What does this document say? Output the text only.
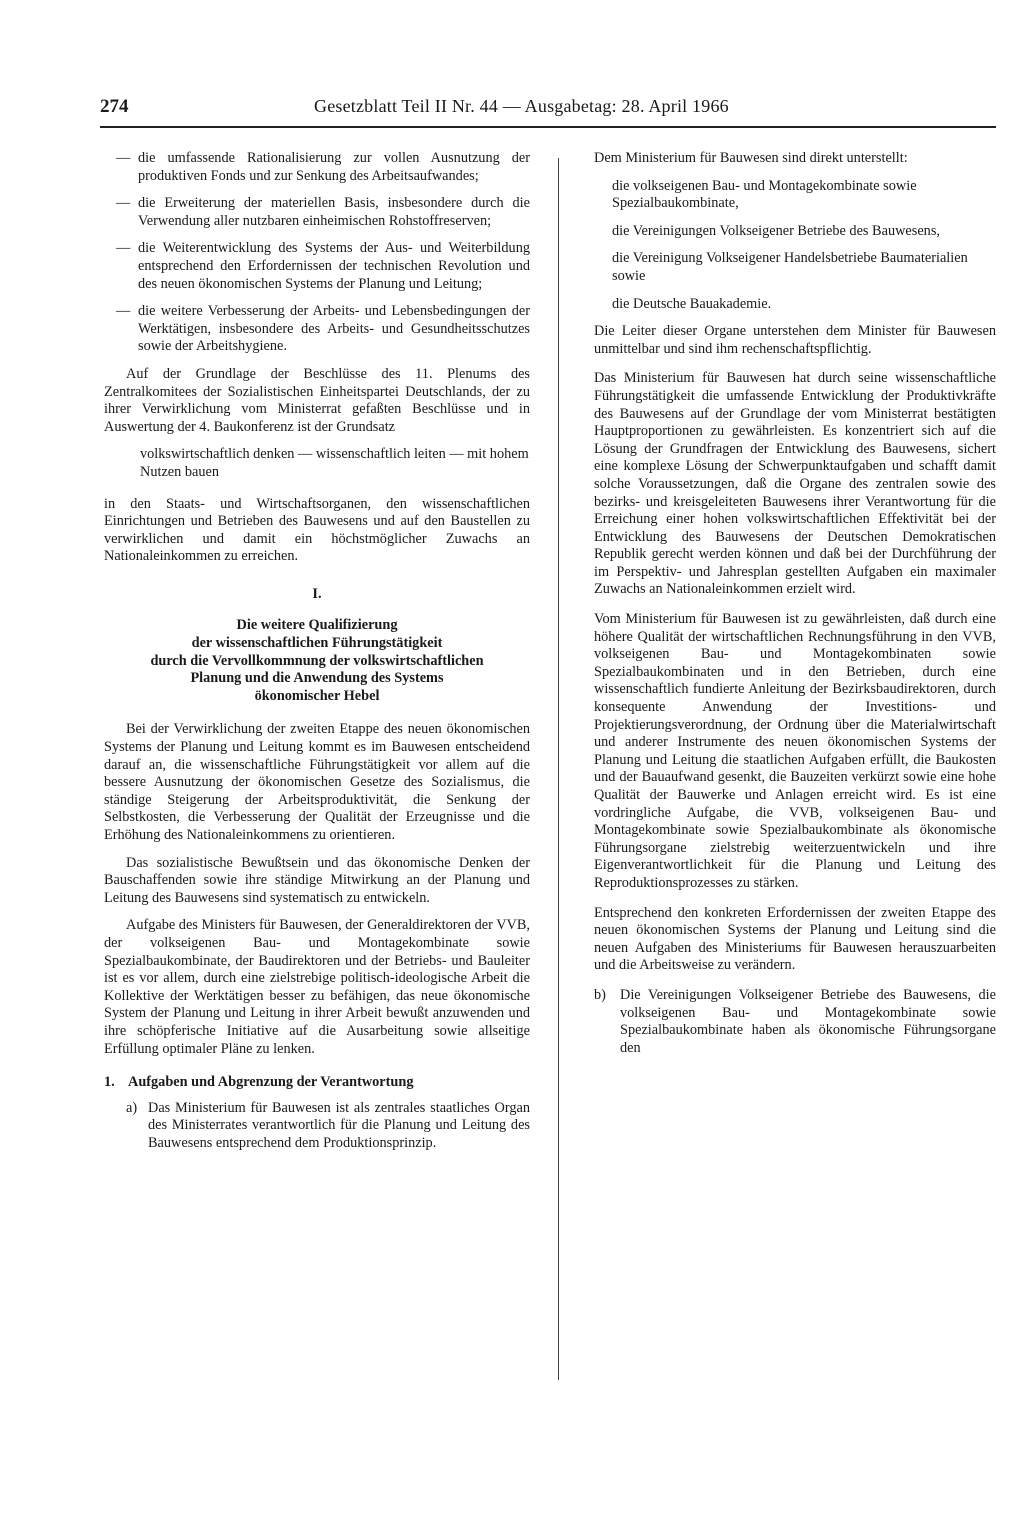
274	Gesetzblatt Teil II Nr. 44 — Ausgabetag: 28. April 1966
— die umfassende Rationalisierung zur vollen Ausnutzung der produktiven Fonds und zur Senkung des Arbeitsaufwandes;

— die Erweiterung der materiellen Basis, insbesondere durch die Verwendung aller nutzbaren einheimischen Rohstoffreserven;

— die Weiterentwicklung des Systems der Aus- und Weiterbildung entsprechend den Erfordernissen der technischen Revolution und des neuen ökonomischen Systems der Planung und Leitung;

— die weitere Verbesserung der Arbeits- und Lebensbedingungen der Werktätigen, insbesondere des Arbeits- und Gesundheitsschutzes sowie der Arbeitshygiene.

Auf der Grundlage der Beschlüsse des 11. Plenums des Zentralkomitees der Sozialistischen Einheitspartei Deutschlands, der zu ihrer Verwirklichung vom Ministerrat gefaßten Beschlüsse und in Auswertung der 4. Baukonferenz ist der Grundsatz

volkswirtschaftlich denken — wissenschaftlich leiten — mit hohem Nutzen bauen

in den Staats- und Wirtschaftsorganen, den wissenschaftlichen Einrichtungen und Betrieben des Bauwesens und auf den Baustellen zu verwirklichen und damit ein höchstmöglicher Zuwachs an Nationaleinkommen zu erreichen.

I.

Die weitere Qualifizierung
der wissenschaftlichen Führungstätigkeit
durch die Vervollkommnung der volkswirtschaftlichen
Planung und die Anwendung des Systems
ökonomischer Hebel

Bei der Verwirklichung der zweiten Etappe des neuen ökonomischen Systems der Planung und Leitung kommt es im Bauwesen entscheidend darauf an, die wissenschaftliche Führungstätigkeit vor allem auf die bessere Ausnutzung der ökonomischen Gesetze des Sozialismus, die ständige Steigerung der Arbeitsproduktivität, die Senkung der Selbstkosten, die Verbesserung der Qualität der Erzeugnisse und die Erhöhung des Nationaleinkommens zu orientieren.

Das sozialistische Bewußtsein und das ökonomische Denken der Bauschaffenden sowie ihre ständige Mitwirkung an der Planung und Leitung des Bauwesens sind systematisch zu entwickeln.

Aufgabe des Ministers für Bauwesen, der Generaldirektoren der VVB, der volkseigenen Bau- und Montagekombinate sowie Spezialbaukombinate, der Baudirektoren und der Betriebs- und Bauleiter ist es vor allem, durch eine zielstrebige politisch-ideologische Arbeit die Kollektive der Werktätigen besser zu befähigen, das neue ökonomische System der Planung und Leitung in ihrer Arbeit bewußt anzuwenden und ihre schöpferische Initiative auf die Ausarbeitung sowie allseitige Erfüllung optimaler Pläne zu lenken.

1. Aufgaben und Abgrenzung der Verantwortung
a) Das Ministerium für Bauwesen ist als zentrales staatliches Organ des Ministerrates verantwortlich für die Planung und Leitung des Bauwesens entsprechend dem Produktionsprinzip.

Dem Ministerium für Bauwesen sind direkt unterstellt:

die volkseigenen Bau- und Montagekombinate sowie Spezialbaukombinate,

die Vereinigungen Volkseigener Betriebe des Bauwesens,

die Vereinigung Volkseigener Handelsbetriebe Baumaterialien sowie

die Deutsche Bauakademie.

Die Leiter dieser Organe unterstehen dem Minister für Bauwesen unmittelbar und sind ihm rechenschaftspflichtig.

Das Ministerium für Bauwesen hat durch seine wissenschaftliche Führungstätigkeit die umfassende Entwicklung der Produktivkräfte des Bauwesens auf der Grundlage der vom Ministerrat bestätigten Hauptproportionen zu gewährleisten. Es konzentriert sich auf die Lösung der Grundfragen der Entwicklung des Bauwesens, sichert eine komplexe Lösung der Schwerpunktaufgaben und schafft damit solche Voraussetzungen, daß die Organe des zentralen sowie des bezirks- und kreisgeleiteten Bauwesens ihrer Verantwortung für die Erreichung einer hohen volkswirtschaftlichen Effektivität bei der Entwicklung des Bauwesens der Deutschen Demokratischen Republik gerecht werden können und daß bei der Durchführung der im Perspektiv- und Jahresplan gestellten Aufgaben ein maximaler Zuwachs an Nationaleinkommen erzielt wird.

Vom Ministerium für Bauwesen ist zu gewährleisten, daß durch eine höhere Qualität der wirtschaftlichen Rechnungsführung in den VVB, volkseigenen Bau- und Montagekombinaten sowie Spezialbaukombinaten und in den Betrieben, durch eine wissenschaftlich fundierte Anleitung der Bezirksbaudirektoren, durch konsequente Anwendung der Investitions- und Projektierungsverordnung, der Ordnung über die Materialwirtschaft und anderer Instrumente des neuen ökonomischen Systems der Planung und Leitung die staatlichen Aufgaben erfüllt, die Baukosten und der Bauaufwand gesenkt, die Bauzeiten verkürzt sowie eine hohe Qualität der Bauwerke und Anlagen erreicht wird. Es ist eine vordringliche Aufgabe, die VVB, volkseigenen Bau- und Montagekombinate sowie Spezialbaukombinate als ökonomische Führungsorgane zielstrebig weiterzuentwickeln und ihre Eigenverantwortlichkeit für die Planung und Leitung des Reproduktionsprozesses zu stärken.

Entsprechend den konkreten Erfordernissen der zweiten Etappe des neuen ökonomischen Systems der Planung und Leitung sind die neuen Aufgaben des Ministeriums für Bauwesen herauszuarbeiten und die Arbeitsweise zu verändern.

b) Die Vereinigungen Volkseigener Betriebe des Bauwesens, die volkseigenen Bau- und Montagekombinate sowie Spezialbaukombinate haben als ökonomische Führungsorgane den
